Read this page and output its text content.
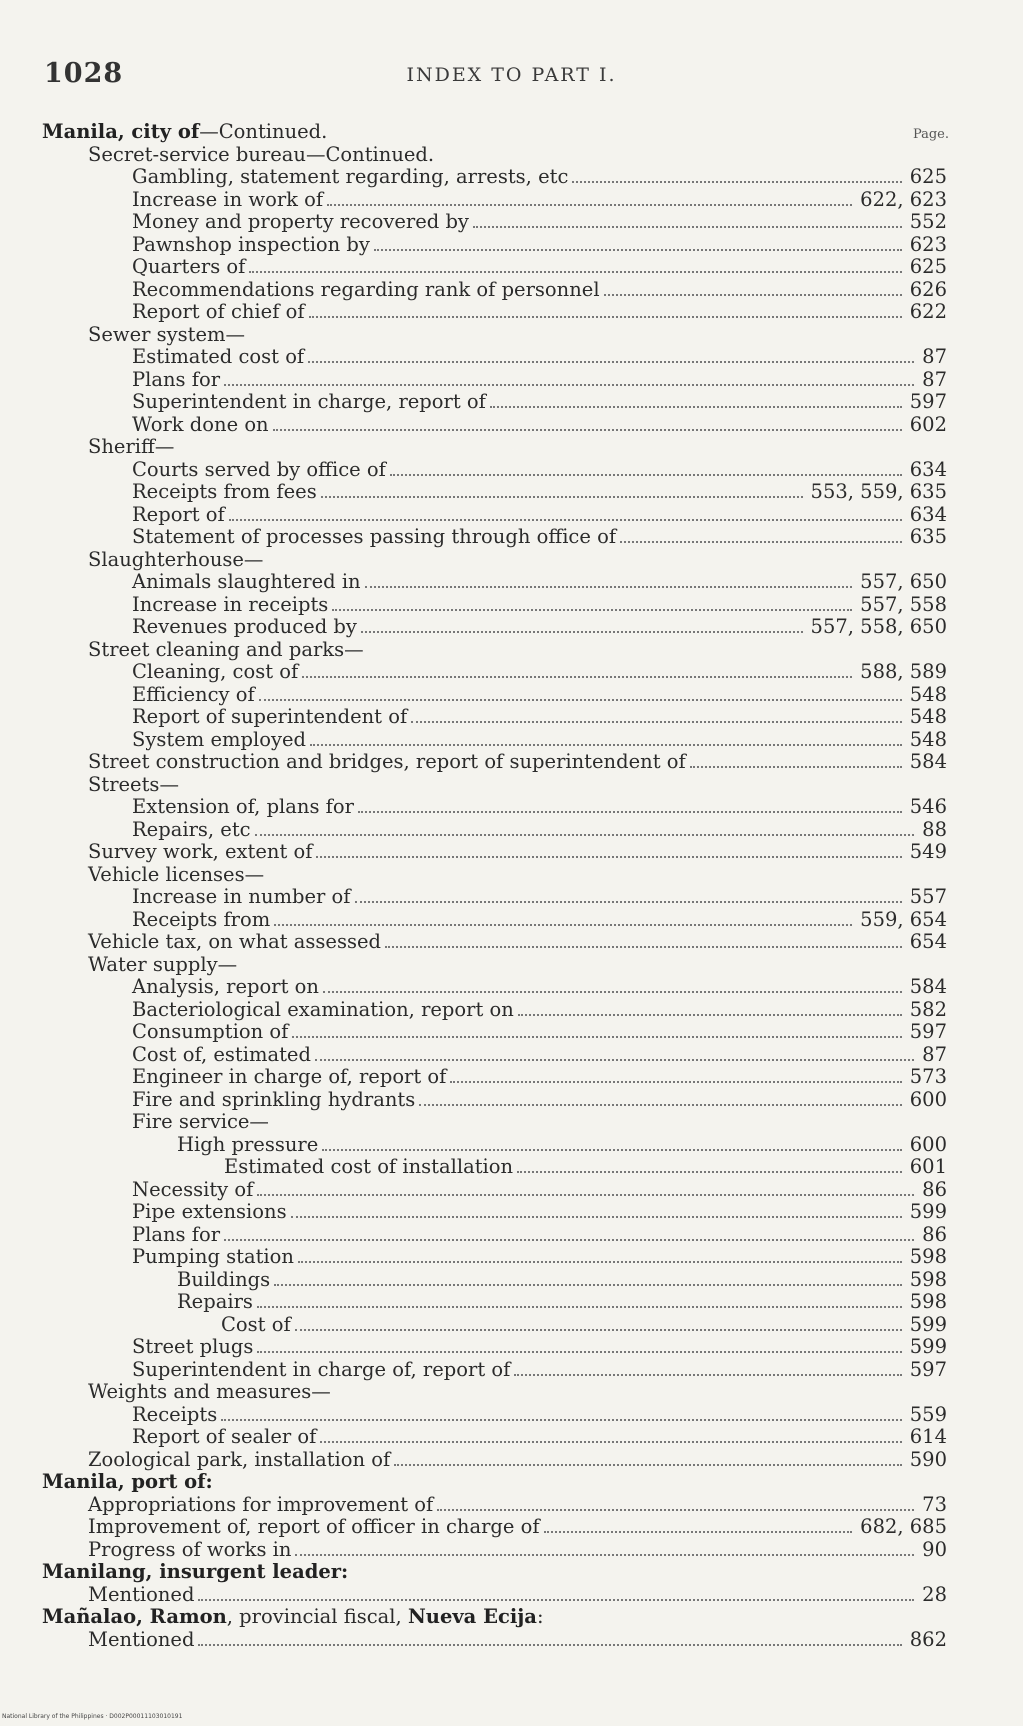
1028	INDEX TO PART I.
Page.
Manila, city of—Continued.
Secret-service bureau—Continued.
Gambling, statement regarding, arrests, etc	625
Increase in work of	622, 623
Money and property recovered by	552
Pawnshop inspection by	623
Quarters of	625
Recommendations regarding rank of personnel	626
Report of chief of	622
Sewer system—
Estimated cost of	87
Plans for	87
Superintendent in charge, report of	597
Work done on	602
Sheriff—
Courts served by office of	634
Receipts from fees	553, 559, 635
Report of	634
Statement of processes passing through office of	635
Slaughterhouse—
Animals slaughtered in	557, 650
Increase in receipts	557, 558
Revenues produced by	557, 558, 650
Street cleaning and parks—
Cleaning, cost of	588, 589
Efficiency of	548
Report of superintendent of	548
System employed	548
Street construction and bridges, report of superintendent of	584
Streets—
Extension of, plans for	546
Repairs, etc	88
Survey work, extent of	549
Vehicle licenses—
Increase in number of	557
Receipts from	559, 654
Vehicle tax, on what assessed	654
Water supply—
Analysis, report on	584
Bacteriological examination, report on	582
Consumption of	597
Cost of, estimated	87
Engineer in charge of, report of	573
Fire and sprinkling hydrants	600
Fire service—
High pressure	600
Estimated cost of installation	601
Necessity of	86
Pipe extensions	599
Plans for	86
Pumping station	598
Buildings	598
Repairs	598
Cost of	599
Street plugs	599
Superintendent in charge of, report of	597
Weights and measures—
Receipts	559
Report of sealer of	614
Zoological park, installation of	590
Manila, port of:
Appropriations for improvement of	73
Improvement of, report of officer in charge of	682, 685
Progress of works in	90
Manilang, insurgent leader:
Mentioned	28
Mañalao, Ramon, provincial fiscal, Nueva Ecija:
Mentioned	862
National Library of the Philippines · D002P00011103010191
